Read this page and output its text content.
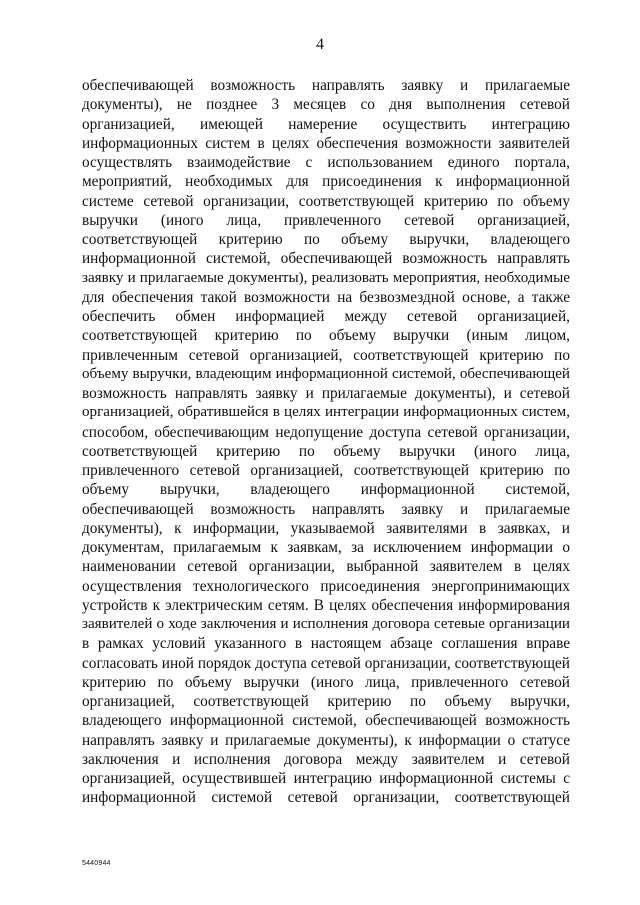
4
обеспечивающей возможность направлять заявку и прилагаемые
документы), не позднее 3 месяцев со дня выполнения сетевой
организацией, имеющей намерение осуществить интеграцию
информационных систем в целях обеспечения возможности заявителей
осуществлять взаимодействие с использованием единого портала,
мероприятий, необходимых для присоединения к информационной
системе сетевой организации, соответствующей критерию по объему
выручки (иного лица, привлеченного сетевой организацией,
соответствующей критерию по объему выручки, владеющего
информационной системой, обеспечивающей возможность направлять
заявку и прилагаемые документы), реализовать мероприятия, необходимые
для обеспечения такой возможности на безвозмездной основе, а также
обеспечить обмен информацией между сетевой организацией,
соответствующей критерию по объему выручки (иным лицом,
привлеченным сетевой организацией, соответствующей критерию по
объему выручки, владеющим информационной системой, обеспечивающей
возможность направлять заявку и прилагаемые документы), и сетевой
организацией, обратившейся в целях интеграции информационных систем,
способом, обеспечивающим недопущение доступа сетевой организации,
соответствующей критерию по объему выручки (иного лица,
привлеченного сетевой организацией, соответствующей критерию по
объему выручки, владеющего информационной системой,
обеспечивающей возможность направлять заявку и прилагаемые
документы), к информации, указываемой заявителями в заявках, и
документам, прилагаемым к заявкам, за исключением информации о
наименовании сетевой организации, выбранной заявителем в целях
осуществления технологического присоединения энергопринимающих
устройств к электрическим сетям. В целях обеспечения информирования
заявителей о ходе заключения и исполнения договора сетевые организации
в рамках условий указанного в настоящем абзаце соглашения вправе
согласовать иной порядок доступа сетевой организации, соответствующей
критерию по объему выручки (иного лица, привлеченного сетевой
организацией, соответствующей критерию по объему выручки,
владеющего информационной системой, обеспечивающей возможность
направлять заявку и прилагаемые документы), к информации о статусе
заключения и исполнения договора между заявителем и сетевой
организацией, осуществившей интеграцию информационной системы с
информационной системой сетевой организации, соответствующей
5440944
